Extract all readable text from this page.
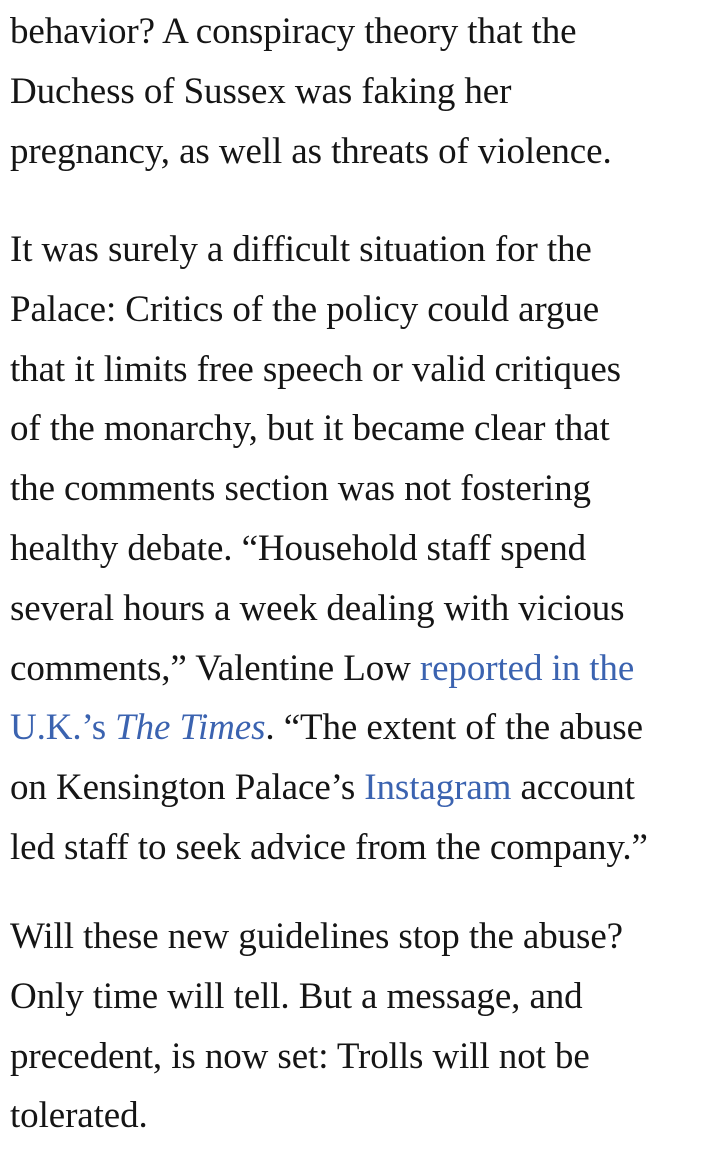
behavior? A conspiracy theory that the
Duchess of Sussex was faking her
pregnancy, as well as threats of violence.

It was surely a difficult situation for the
Palace: Critics of the policy could argue
that it limits free speech or valid critiques
of the monarchy, but it became clear that
the comments section was not fostering
healthy debate. “Household staff spend
several hours a week dealing with vicious
comments,” Valentine Low reported in the
U.K.’s The Times. “The extent of the abuse
on Kensington Palace’s Instagram account
led staff to seek advice from the company.”

Will these new guidelines stop the abuse?
Only time will tell. But a message, and
precedent, is now set: Trolls will not be
tolerated.
